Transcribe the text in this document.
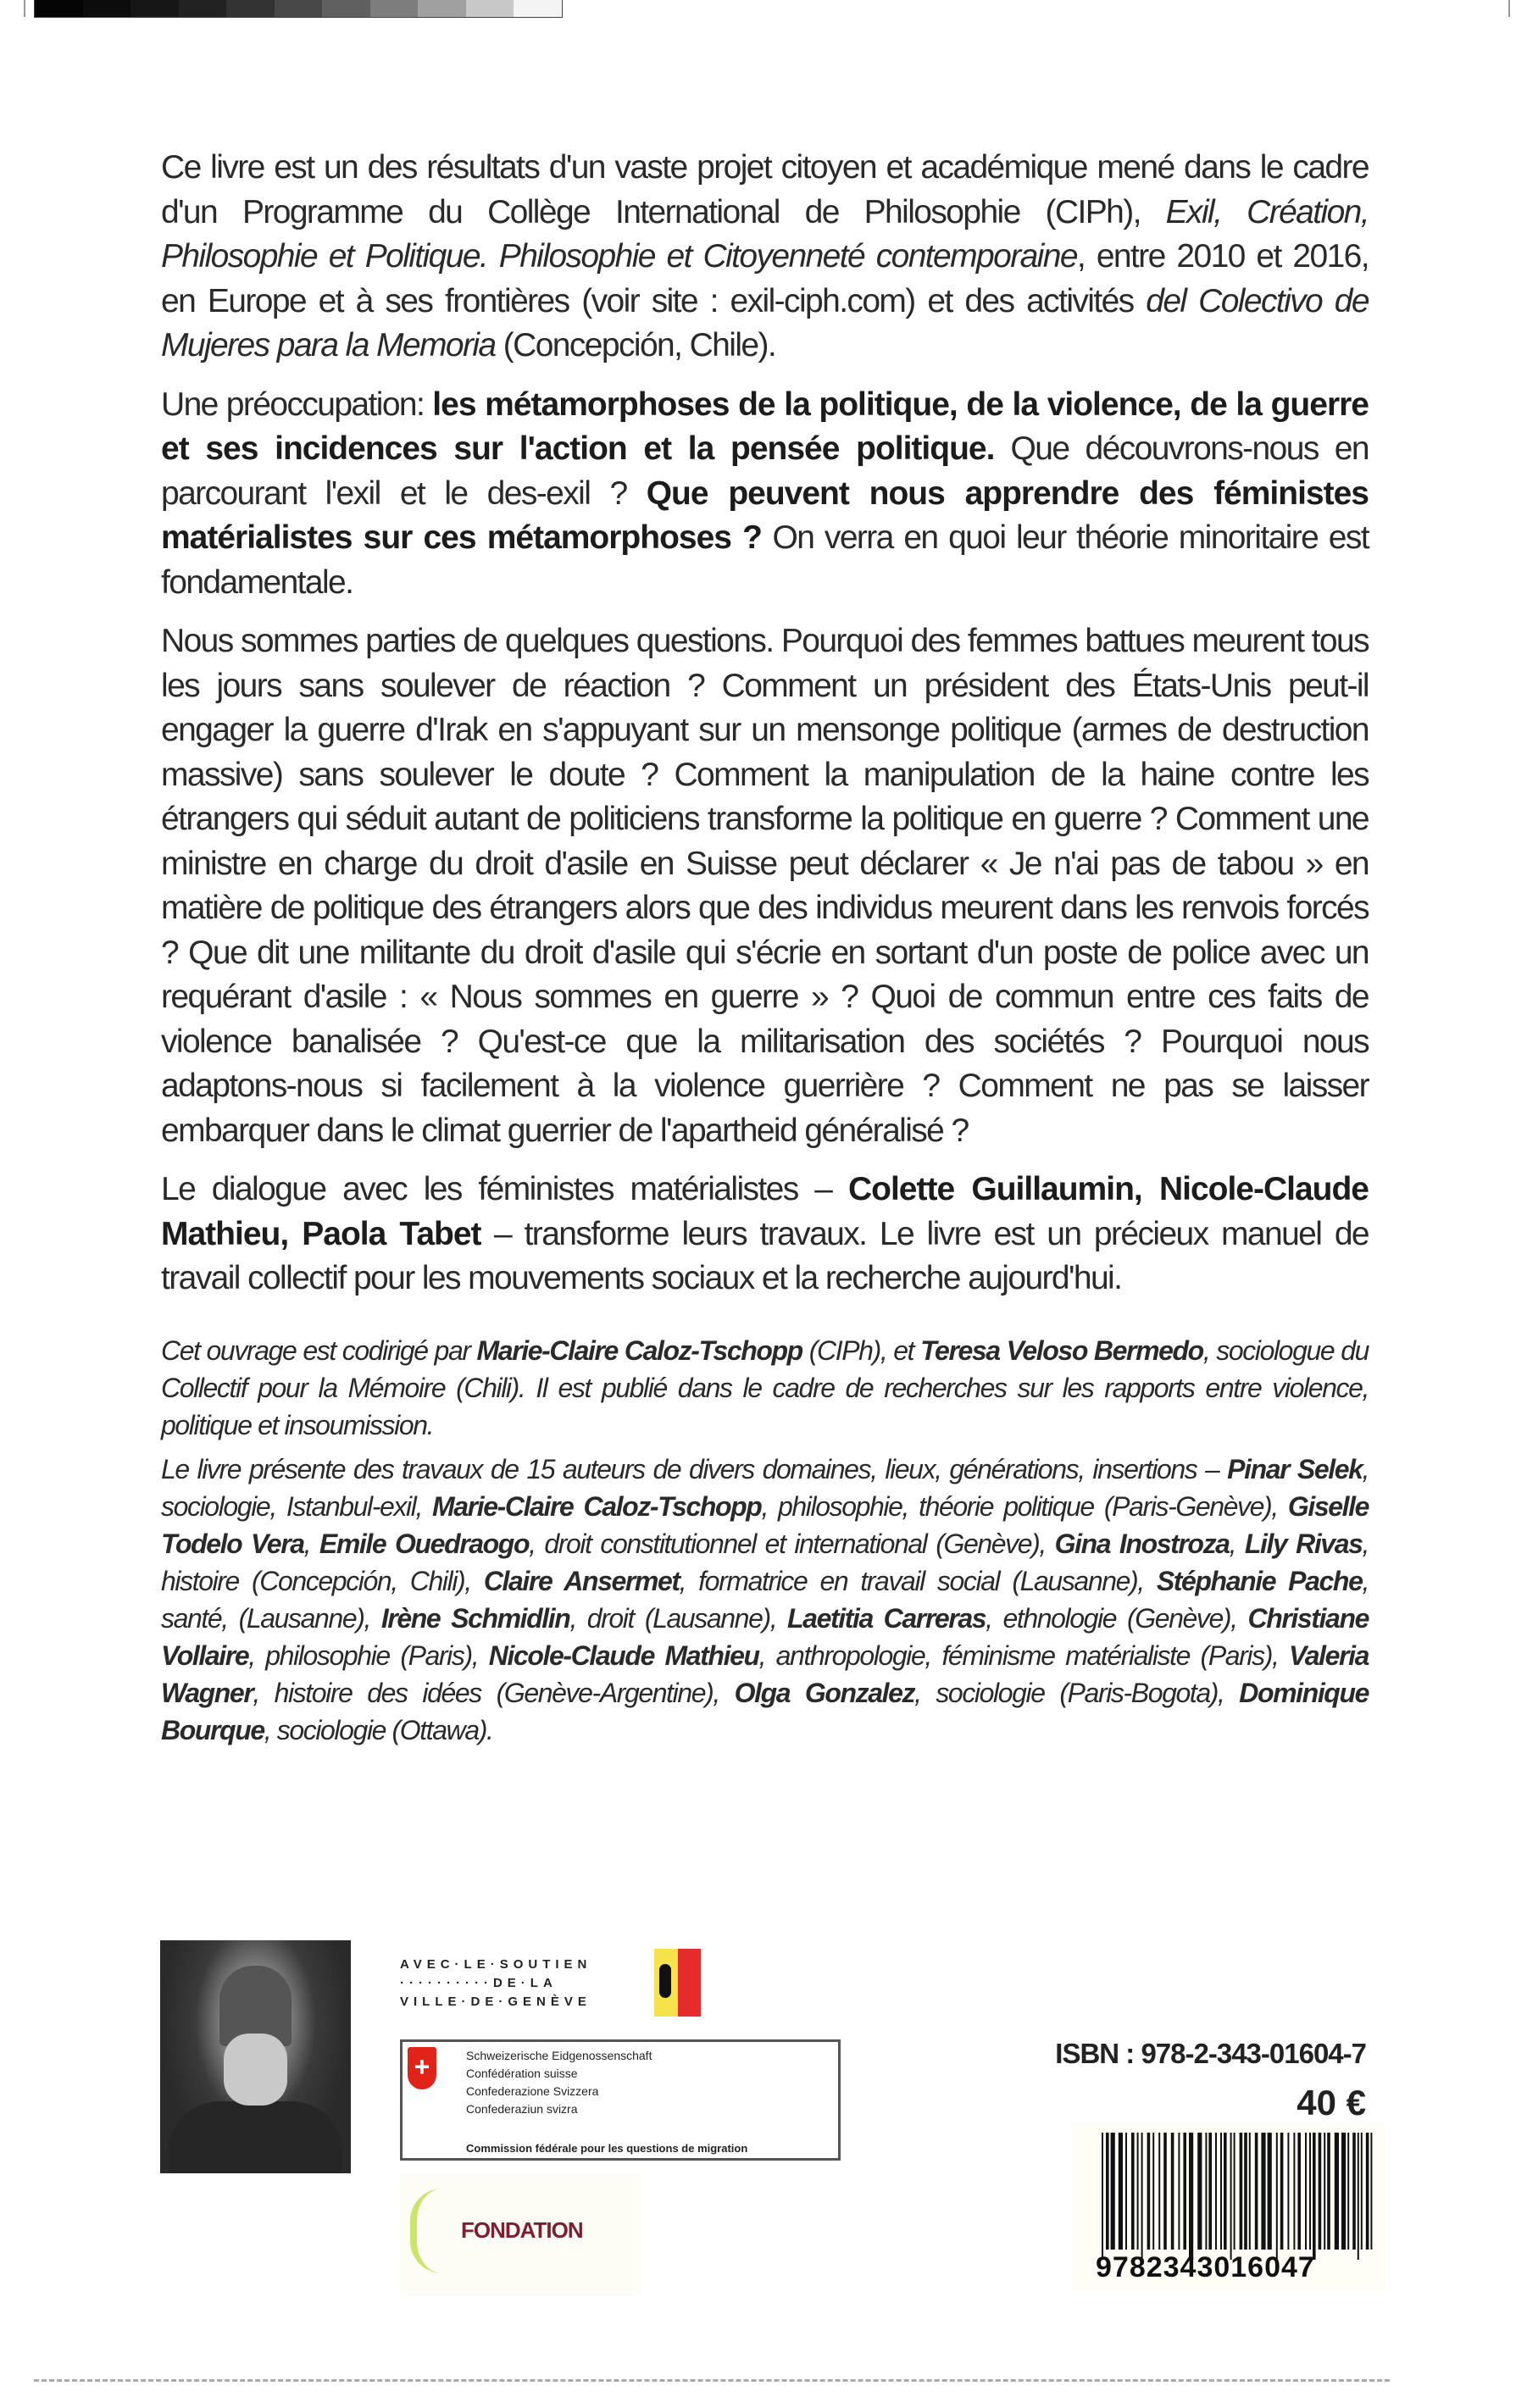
Ce livre est un des résultats d'un vaste projet citoyen et académique mené dans le cadre d'un Programme du Collège International de Philosophie (CIPh), Exil, Création, Philosophie et Politique. Philosophie et Citoyenneté contemporaine, entre 2010 et 2016, en Europe et à ses frontières (voir site : exil-ciph.com) et des activités del Colectivo de Mujeres para la Memoria (Concepción, Chile).

Une préoccupation: les métamorphoses de la politique, de la violence, de la guerre et ses incidences sur l'action et la pensée politique. Que découvrons-nous en parcourant l'exil et le des-exil ? Que peuvent nous apprendre des féministes matérialistes sur ces métamorphoses ? On verra en quoi leur théorie minoritaire est fondamentale.

Nous sommes parties de quelques questions. Pourquoi des femmes battues meurent tous les jours sans soulever de réaction ? Comment un président des États-Unis peut-il engager la guerre d'Irak en s'appuyant sur un mensonge politique (armes de destruction massive) sans soulever le doute ? Comment la manipulation de la haine contre les étrangers qui séduit autant de politiciens transforme la politique en guerre ? Comment une ministre en charge du droit d'asile en Suisse peut déclarer « Je n'ai pas de tabou » en matière de politique des étrangers alors que des individus meurent dans les renvois forcés ? Que dit une militante du droit d'asile qui s'écrie en sortant d'un poste de police avec un requérant d'asile : « Nous sommes en guerre » ? Quoi de commun entre ces faits de violence banalisée ? Qu'est-ce que la militarisation des sociétés ? Pourquoi nous adaptons-nous si facilement à la violence guerrière ? Comment ne pas se laisser embarquer dans le climat guerrier de l'apartheid généralisé ?

Le dialogue avec les féministes matérialistes – Colette Guillaumin, Nicole-Claude Mathieu, Paola Tabet – transforme leurs travaux. Le livre est un précieux manuel de travail collectif pour les mouvements sociaux et la recherche aujourd'hui.

Cet ouvrage est codirigé par Marie-Claire Caloz-Tschopp (CIPh), et Teresa Veloso Bermedo, sociologue du Collectif pour la Mémoire (Chili). Il est publié dans le cadre de recherches sur les rapports entre violence, politique et insoumission.

Le livre présente des travaux de 15 auteurs de divers domaines, lieux, générations, insertions – Pinar Selek, sociologie, Istanbul-exil, Marie-Claire Caloz-Tschopp, philosophie, théorie politique (Paris-Genève), Giselle Todelo Vera, Emile Ouedraogo, droit constitutionnel et international (Genève), Gina Inostroza, Lily Rivas, histoire (Concepción, Chili), Claire Ansermet, formatrice en travail social (Lausanne), Stéphanie Pache, santé, (Lausanne), Irène Schmidlin, droit (Lausanne), Laetitia Carreras, ethnologie (Genève), Christiane Vollaire, philosophie (Paris), Nicole-Claude Mathieu, anthropologie, féminisme matérialiste (Paris), Valeria Wagner, histoire des idées (Genève-Argentine), Olga Gonzalez, sociologie (Paris-Bogota), Dominique Bourque, sociologie (Ottawa).

AVEC·LE·SOUTIEN
··········DE·LA
VILLE·DE·GENÈVE
+	Schweizerische Eidgenossenschaft
Confédération suisse
Confederazione Svizzera
Confederaziun svizra
Commission fédérale pour les questions de migration
FONDATION
ISBN : 978-2-343-01604-7
40 €
9782343016047
